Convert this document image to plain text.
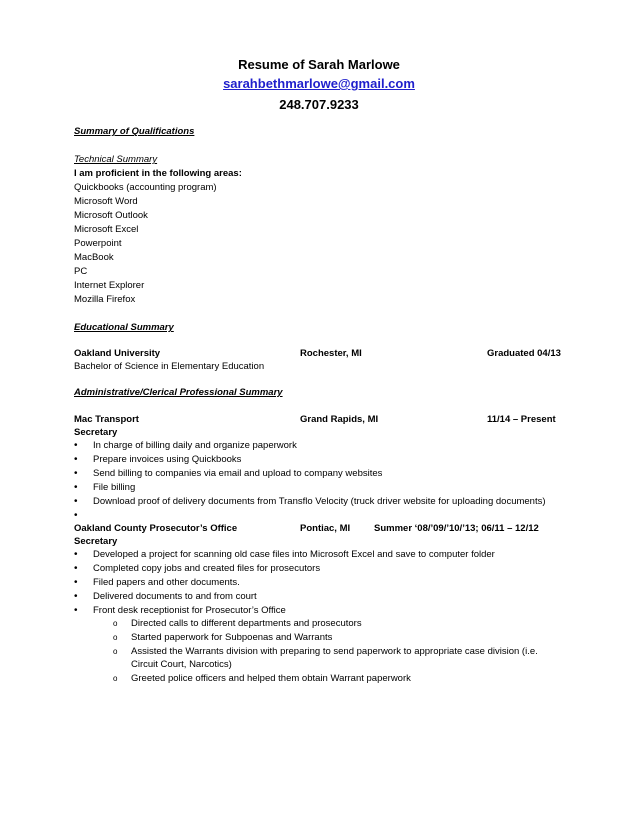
Resume of Sarah Marlowe
sarahbethmarlowe@gmail.com
248.707.9233
Summary of Qualifications
Technical Summary
I am proficient in the following areas:
Quickbooks (accounting program)
Microsoft Word
Microsoft Outlook
Microsoft Excel
Powerpoint
MacBook
PC
Internet Explorer
Mozilla Firefox
Educational Summary
Oakland University	Rochester, MI	Graduated 04/13
Bachelor of Science in Elementary Education
Administrative/Clerical Professional Summary
Mac Transport	Grand Rapids, MI	11/14 – Present
Secretary
• In charge of billing daily and organize paperwork
• Prepare invoices using Quickbooks
• Send billing to companies via email and upload to company websites
• File billing
• Download proof of delivery documents from Transflo Velocity (truck driver website for uploading documents)
•
Oakland County Prosecutor’s Office	Pontiac, MI	Summer ‘08/’09/’10/’13; 06/11 – 12/12
Secretary
• Developed a project for scanning old case files into Microsoft Excel and save to computer folder
• Completed copy jobs and created files for prosecutors
• Filed papers and other documents.
• Delivered documents to and from court
• Front desk receptionist for Prosecutor’s Office
o Directed calls to different departments and prosecutors
o Started paperwork for Subpoenas and Warrants
o Assisted the Warrants division with preparing to send paperwork to appropriate case division (i.e.
Circuit Court, Narcotics)
o Greeted police officers and helped them obtain Warrant paperwork
